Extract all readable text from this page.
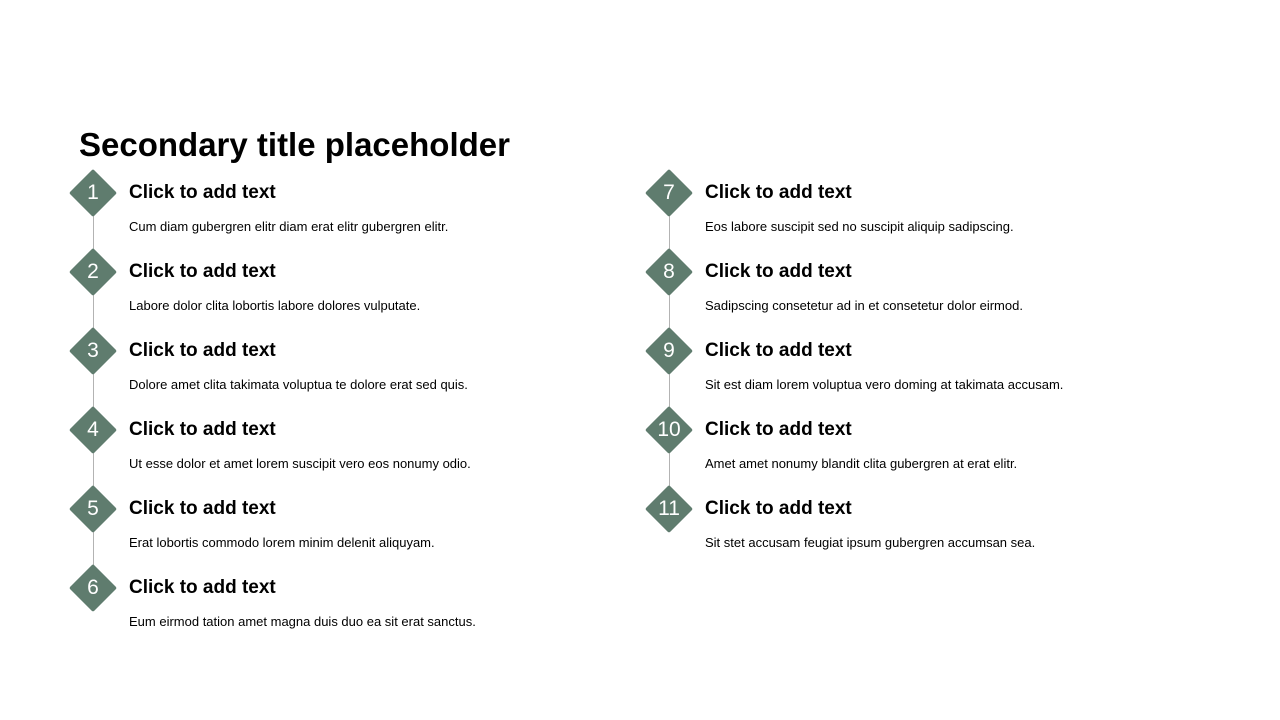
Secondary title placeholder
1	Click to add text
Cum diam gubergren elitr diam erat elitr gubergren elitr.
2	Click to add text
Labore dolor clita lobortis labore dolores vulputate.
3	Click to add text
Dolore amet clita takimata voluptua te dolore erat sed quis.
4	Click to add text
Ut esse dolor et amet lorem suscipit vero eos nonumy odio.
5	Click to add text
Erat lobortis commodo lorem minim delenit aliquyam.
6	Click to add text
Eum eirmod tation amet magna duis duo ea sit erat sanctus.
7	Click to add text
Eos labore suscipit sed no suscipit aliquip sadipscing.
8	Click to add text
Sadipscing consetetur ad in et consetetur dolor eirmod.
9	Click to add text
Sit est diam lorem voluptua vero doming at takimata accusam.
10	Click to add text
Amet amet nonumy blandit clita gubergren at erat elitr.
11	Click to add text
Sit stet accusam feugiat ipsum gubergren accumsan sea.
